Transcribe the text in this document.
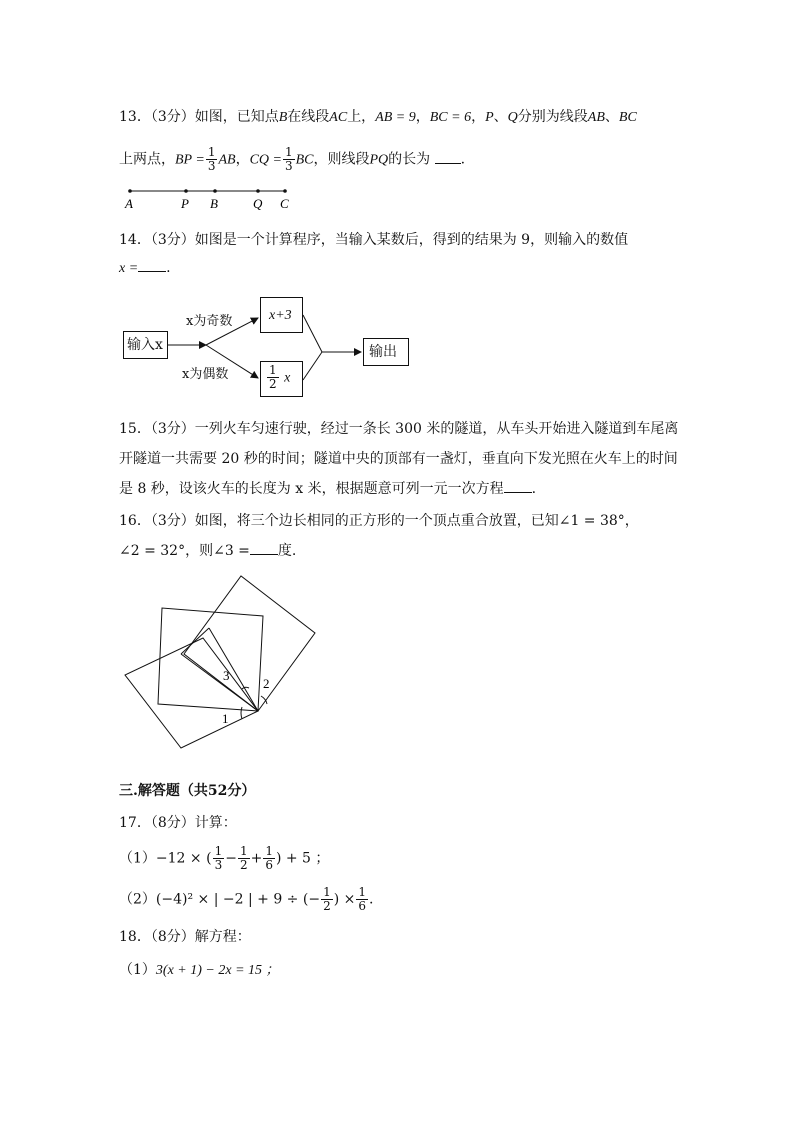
13．（3分）如图，已知点B在线段AC上，AB = 9，BC = 6，P、Q分别为线段AB、BC
上两点，BP = $\frac{1}{3}$ AB，CQ = $\frac{1}{3}$ BC，则线段PQ的长为 .
A	P B	Q C
14．（3分）如图是一个计算程序，当输入某数后，得到的结果为 9，则输入的数值
x = .
输入x
x+3
$\frac{1}{2}$ x
输出
x为奇数
x为偶数
15．（3分）一列火车匀速行驶，经过一条长 300 米的隧道，从车头开始进入隧道到车尾离
开隧道一共需要 20 秒的时间；隧道中央的顶部有一盏灯，垂直向下发光照在火车上的时间
是 8 秒，设该火车的长度为 x 米，根据题意可列一元一次方程 .
16．（3分）如图，将三个边长相同的正方形的一个顶点重合放置，已知∠1 = 38°，
∠2 = 32°，则∠3 = 度.
1
2
3
三.解答题（共52分）
17．（8分）计算：
（1）−12 × ( $\frac{1}{3} - \frac{1}{2} + \frac{1}{6}$ ) + 5 ；
（2）(−4)² × | −2 | + 9 ÷ (− $\frac{1}{2}$ ) × $\frac{1}{6}$ .
18．（8分）解方程：
（1）3(x + 1) − 2x = 15 ；
